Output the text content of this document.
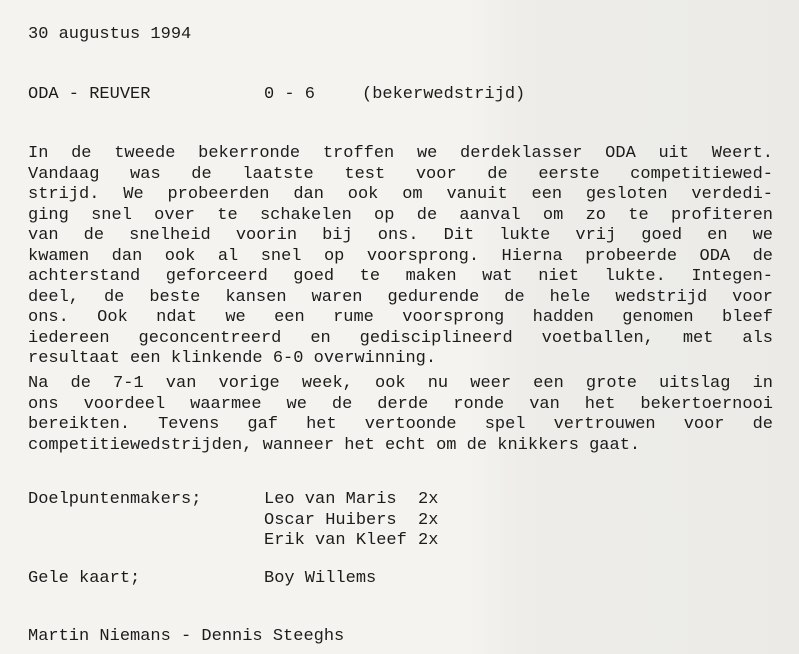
30 augustus 1994
ODA - REUVER	0 - 6	(bekerwedstrijd)
In de tweede bekerronde troffen we derdeklasser ODA uit Weert.
Vandaag was de laatste test voor de eerste competitiewed-
strijd. We probeerden dan ook om vanuit een gesloten verdedi-
ging snel over te schakelen op de aanval om zo te profiteren
van de snelheid voorin bij ons. Dit lukte vrij goed en we
kwamen dan ook al snel op voorsprong. Hierna probeerde ODA de
achterstand geforceerd goed te maken wat niet lukte. Integen-
deel, de beste kansen waren gedurende de hele wedstrijd voor
ons. Ook ndat we een rume voorsprong hadden genomen bleef
iedereen geconcentreerd en gedisciplineerd voetballen, met als
resultaat een klinkende 6-0 overwinning.
Na de 7-1 van vorige week, ook nu weer een grote uitslag in
ons voordeel waarmee we de derde ronde van het bekertoernooi
bereikten. Tevens gaf het vertoonde spel vertrouwen voor de
competitiewedstrijden, wanneer het echt om de knikkers gaat.
Doelpuntenmakers;	Leo van Maris 2x
Oscar Huibers 2x
Erik van Kleef 2x
Gele kaart;	Boy Willems
Martin Niemans - Dennis Steeghs
